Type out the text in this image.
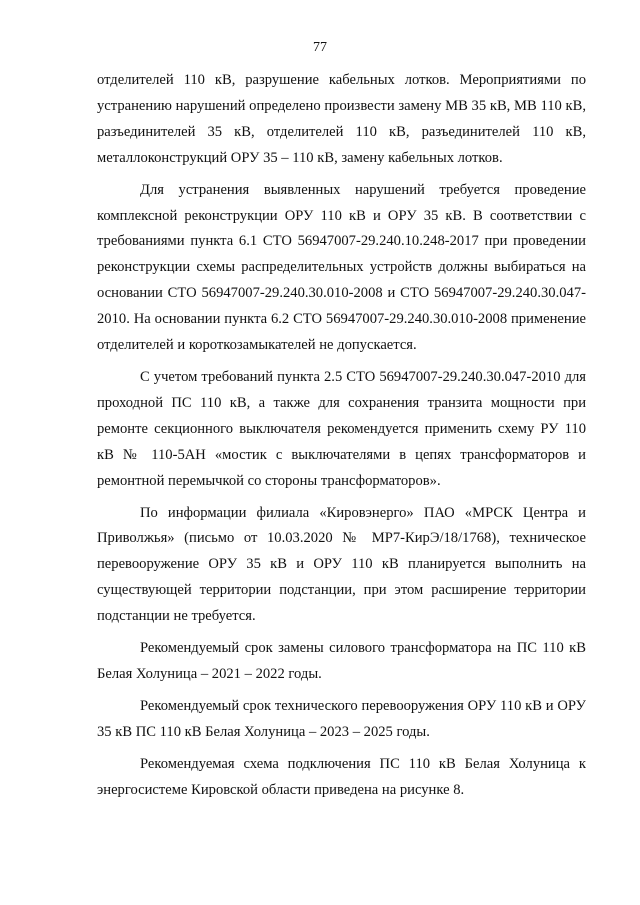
77

отделителей 110 кВ, разрушение кабельных лотков. Мероприятиями по устранению нарушений определено произвести замену МВ 35 кВ, МВ 110 кВ, разъединителей 35 кВ, отделителей 110 кВ, разъединителей 110 кВ, металлоконструкций ОРУ 35 – 110 кВ, замену кабельных лотков.

Для устранения выявленных нарушений требуется проведение комплексной реконструкции ОРУ 110 кВ и ОРУ 35 кВ. В соответствии с требованиями пункта 6.1 СТО 56947007-29.240.10.248-2017 при проведении реконструкции схемы распределительных устройств должны выбираться на основании СТО 56947007-29.240.30.010-2008 и СТО 56947007-29.240.30.047-2010. На основании пункта 6.2 СТО 56947007-29.240.30.010-2008 применение отделителей и короткозамыкателей не допускается.

С учетом требований пункта 2.5 СТО 56947007-29.240.30.047-2010 для проходной ПС 110 кВ, а также для сохранения транзита мощности при ремонте секционного выключателя рекомендуется применить схему РУ 110 кВ № 110-5АН «мостик с выключателями в цепях трансформаторов и ремонтной перемычкой со стороны трансформаторов».

По информации филиала «Кировэнерго» ПАО «МРСК Центра и Приволжья» (письмо от 10.03.2020 № МР7-КирЭ/18/1768), техническое перевооружение ОРУ 35 кВ и ОРУ 110 кВ планируется выполнить на существующей территории подстанции, при этом расширение территории подстанции не требуется.

Рекомендуемый срок замены силового трансформатора на ПС 110 кВ Белая Холуница – 2021 – 2022 годы.

Рекомендуемый срок технического перевооружения ОРУ 110 кВ и ОРУ 35 кВ ПС 110 кВ Белая Холуница – 2023 – 2025 годы.

Рекомендуемая схема подключения ПС 110 кВ Белая Холуница к энергосистеме Кировской области приведена на рисунке 8.
